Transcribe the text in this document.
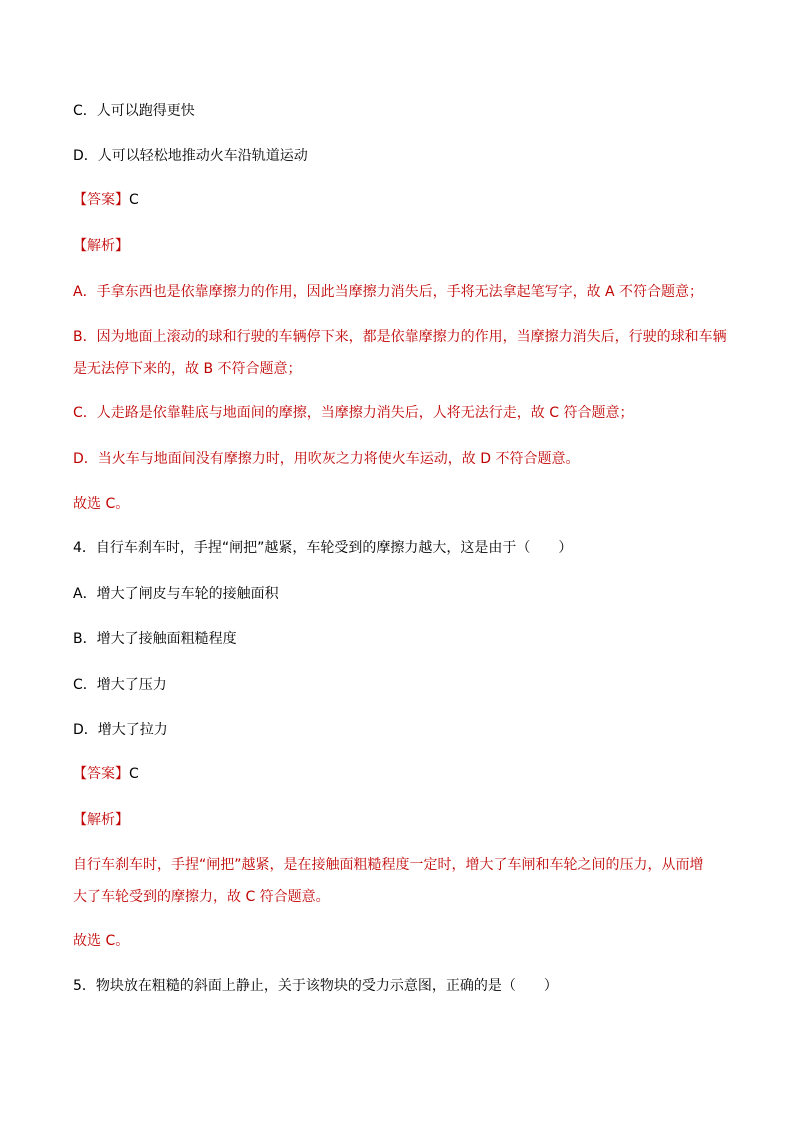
C．人可以跑得更快
D．人可以轻松地推动火车沿轨道运动
【答案】C
【解析】
A．手拿东西也是依靠摩擦力的作用，因此当摩擦力消失后，手将无法拿起笔写字，故 A 不符合题意；
B．因为地面上滚动的球和行驶的车辆停下来，都是依靠摩擦力的作用，当摩擦力消失后，行驶的球和车辆
是无法停下来的，故 B 不符合题意；
C．人走路是依靠鞋底与地面间的摩擦，当摩擦力消失后，人将无法行走，故 C 符合题意；
D．当火车与地面间没有摩擦力时，用吹灰之力将使火车运动，故 D 不符合题意。
故选 C。
4．自行车刹车时，手捏“闸把”越紧，车轮受到的摩擦力越大，这是由于（　　）
A．增大了闸皮与车轮的接触面积
B．增大了接触面粗糙程度
C．增大了压力
D．增大了拉力
【答案】C
【解析】
自行车刹车时，手捏“闸把”越紧，是在接触面粗糙程度一定时，增大了车闸和车轮之间的压力，从而增
大了车轮受到的摩擦力，故 C 符合题意。
故选 C。
5．物块放在粗糙的斜面上静止，关于该物块的受力示意图，正确的是（　　）
